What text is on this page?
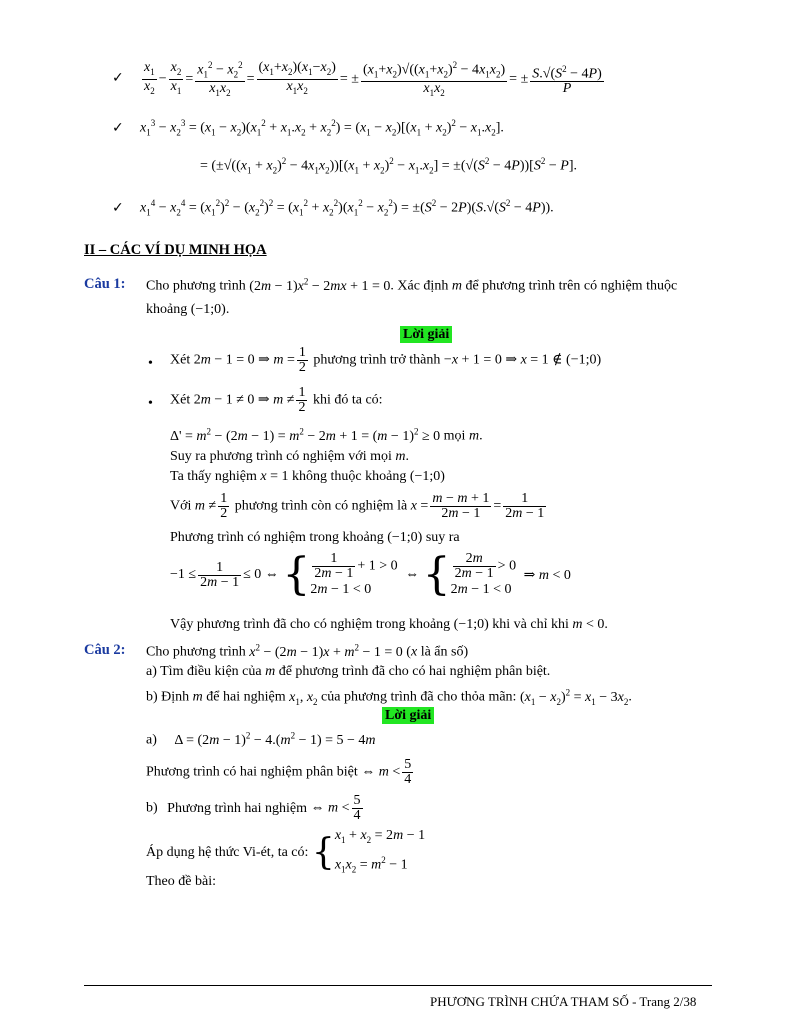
✓ $\frac{x_1}{x_2} - \frac{x_2}{x_1} = \frac{x_1^2 - x_2^2}{x_1x_2} = \frac{(x_1+x_2)(x_1-x_2)}{x_1x_2}$ = ± $\frac{(x_1+x_2)√((x_1+x_2)^2 - 4x_1x_2)}{x_1x_2}$ = ± $\frac{S.√(S^2 - 4P)}{P}$
✓ $x_1^3 - x_2^3 = (x_1 - x_2)(x_1^2 + x_1.x_2 + x_2^2) = (x_1 - x_2)[(x_1 + x_2)^2 - x_1.x_2]$.
= $(\pm√((x_1 + x_2)^2 - 4x_1x_2))[(x_1 + x_2)^2 - x_1.x_2] = \pm(√(S^2 - 4P))[S^2 - P]$.
✓ $x_1^4 - x_2^4 = (x_1^2)^2 - (x_2^2)^2 = (x_1^2 + x_2^2)(x_1^2 - x_2^2) = \pm(S^2 - 2P)(S.√(S^2 - 4P))$.
II – CÁC VÍ DỤ MINH HỌA
Câu 1: Cho phương trình $(2m - 1)x^2 - 2mx + 1 = 0$. Xác định m để phương trình trên có nghiệm thuộc
khoảng (−1;0).
Lời giải
• Xét 2m − 1 = 0 ⇒ $m = \frac{1}{2}$ phương trình trở thành −x + 1 = 0 ⇒ x = 1 ∉ (−1;0)
• Xét 2m − 1 ≠ 0 ⇒ $m \ne \frac{1}{2}$ khi đó ta có:
$\Delta' = m^2 - (2m - 1) = m^2 - 2m + 1 = (m - 1)^2 \ge 0$ mọi m.
Suy ra phương trình có nghiệm với mọi m.
Ta thấy nghiệm x = 1 không thuộc khoảng (−1;0)
Với $m \ne \frac{1}{2}$ phương trình còn có nghiệm là $x = \frac{m - m + 1}{2m - 1} = \frac{1}{2m - 1}$
Phương trình có nghiệm trong khoảng (−1;0) suy ra
$-1 \le \frac{1}{2m - 1} \le 0$ ⇔ { $\frac{1}{2m - 1} + 1 > 0$
2m − 1 < 0 ⇔ { $\frac{2m}{2m - 1} > 0$
2m − 1 < 0 ⇒ m < 0
Vậy phương trình đã cho có nghiệm trong khoảng (−1;0) khi và chỉ khi m < 0.
Câu 2: Cho phương trình $x^2 - (2m - 1)x + m^2 - 1 = 0$ (x là ẩn số)
a) Tìm điều kiện của m để phương trình đã cho có hai nghiệm phân biệt.
b) Định m để hai nghiệm $x_1$, $x_2$ của phương trình đã cho thỏa mãn: $(x_1 - x_2)^2 = x_1 - 3x_2$.
Lời giải
a) $\Delta = (2m - 1)^2 - 4.(m^2 - 1) = 5 - 4m$
Phương trình có hai nghiệm phân biệt ⇔ $m < \frac{5}{4}$
b) Phương trình hai nghiệm ⇔ $m < \frac{5}{4}$
Áp dụng hệ thức Vi-ét, ta có: {$x_1 + x_2 = 2m - 1$
$x_1x_2 = m^2 - 1$
Theo đề bài:
PHƯƠNG TRÌNH CHỨA THAM SỐ - Trang 2/38
